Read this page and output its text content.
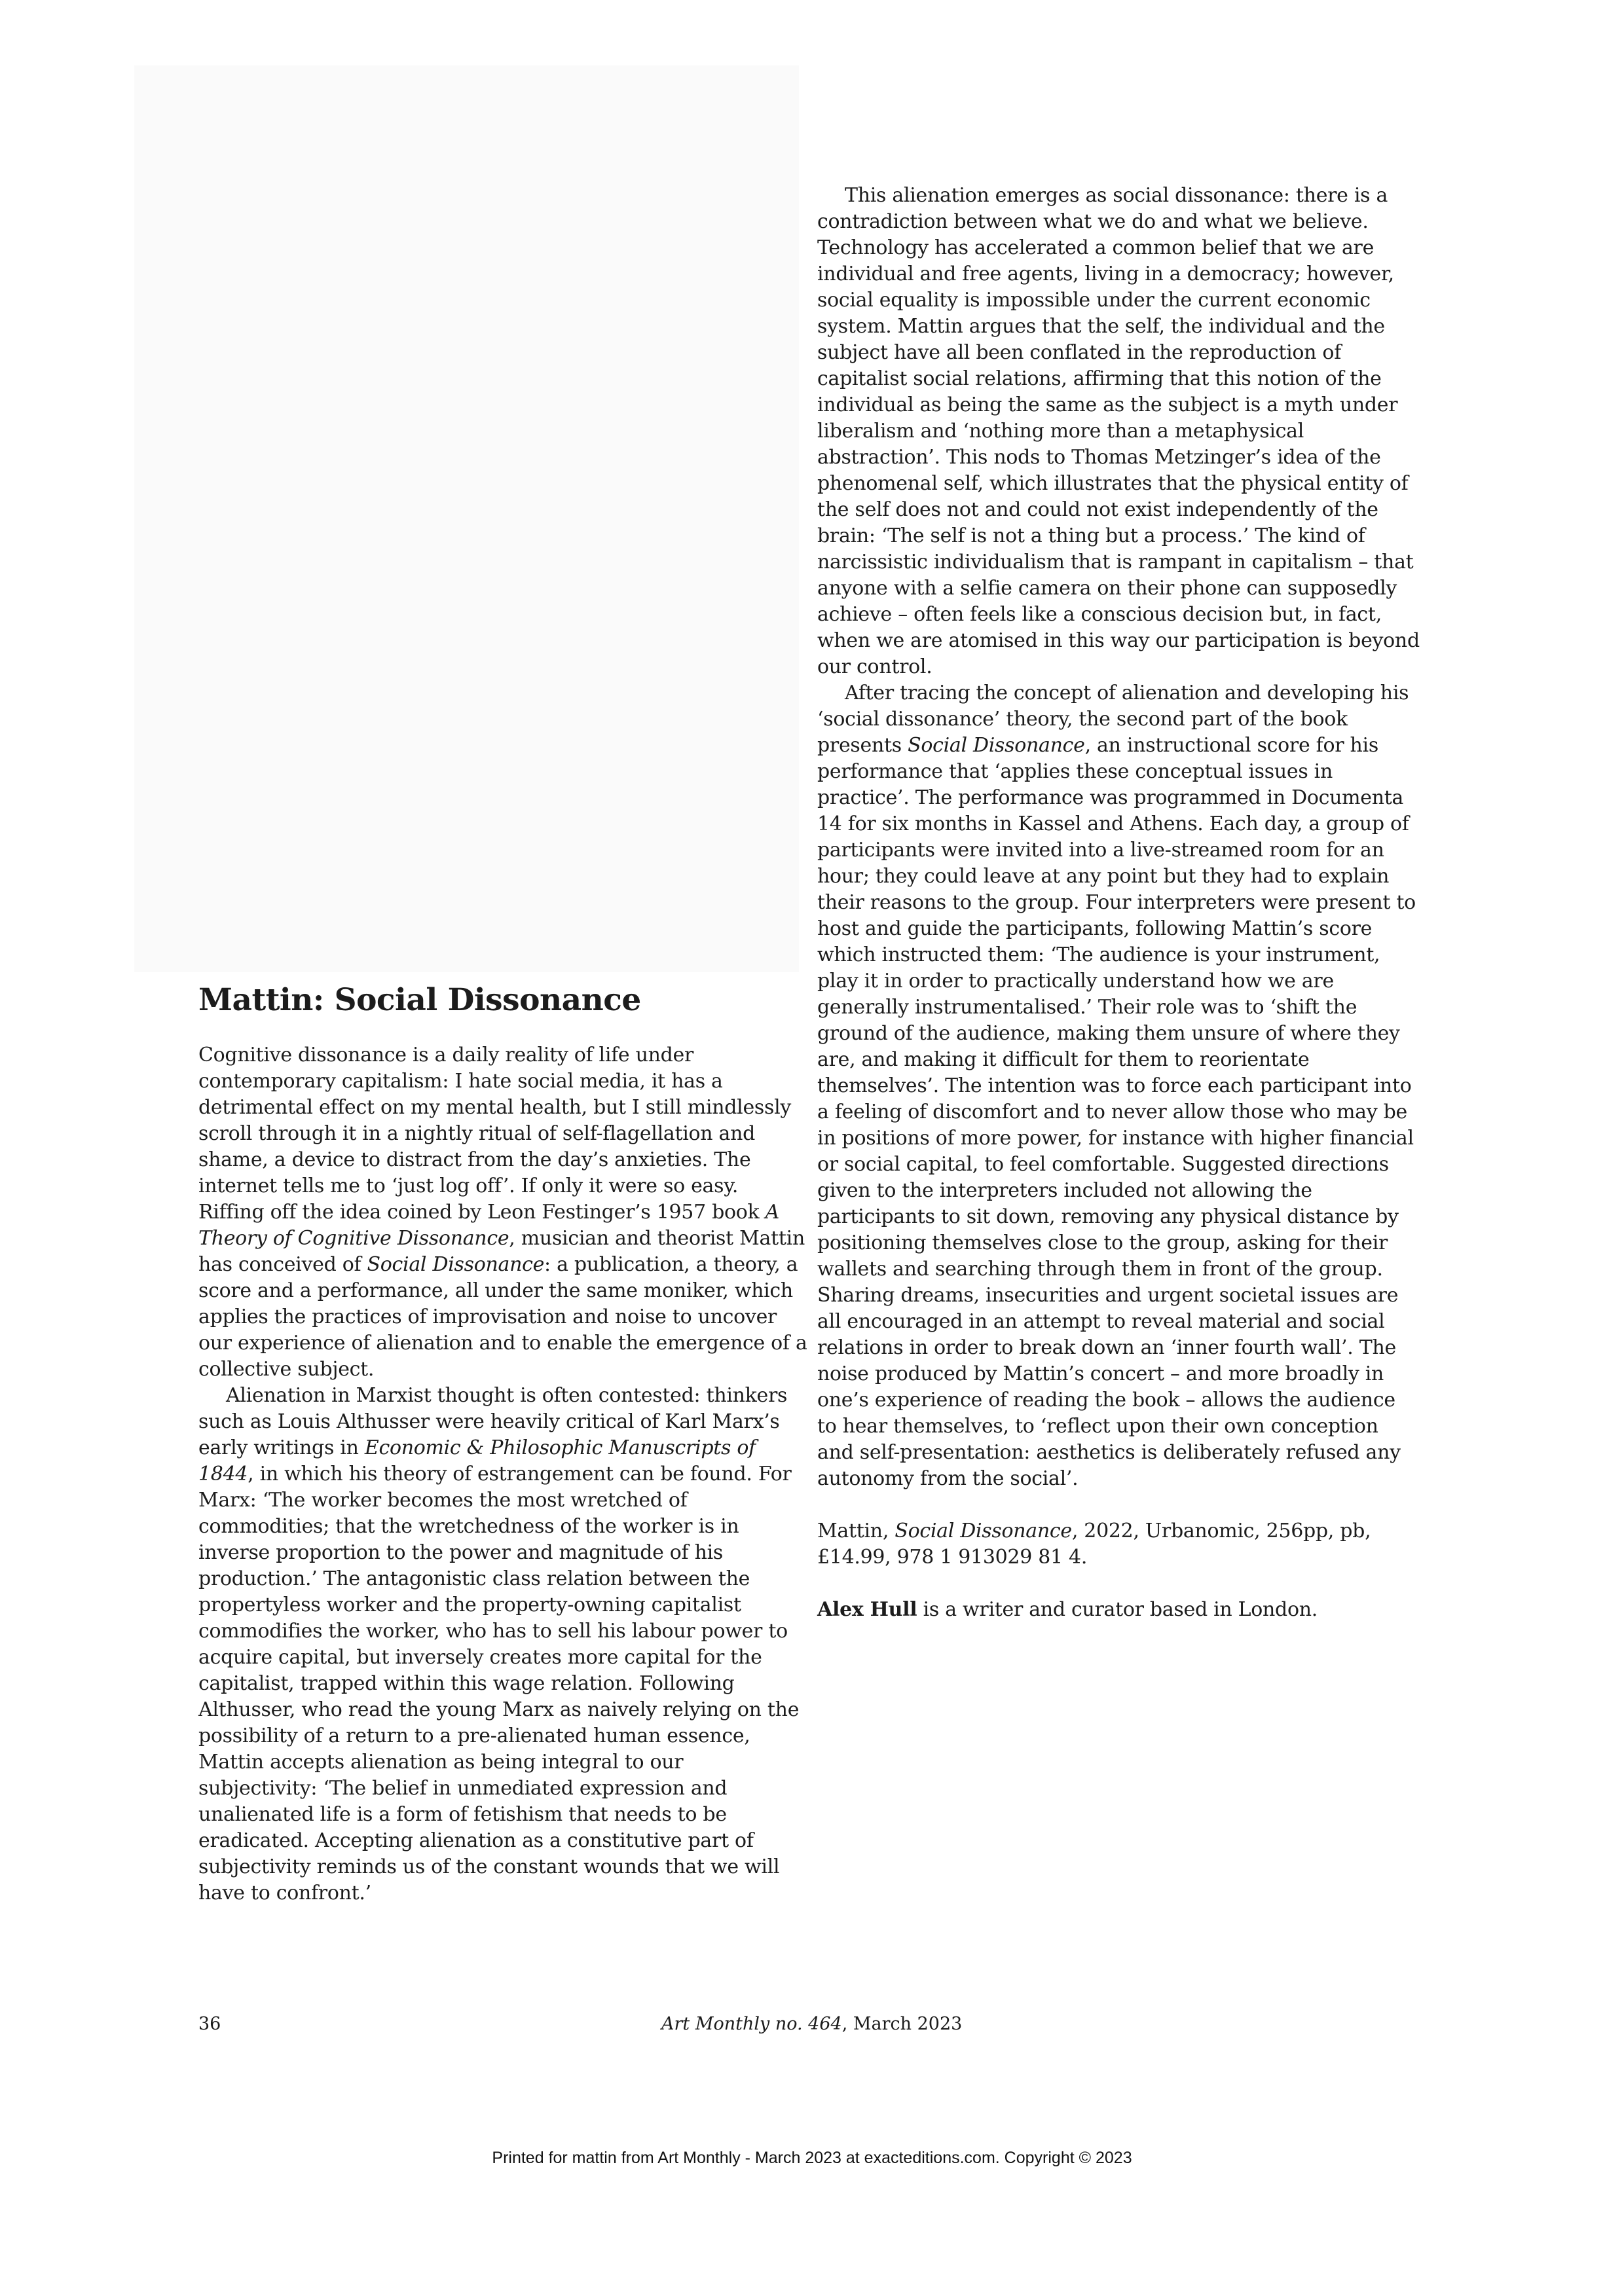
Mattin: Social Dissonance

Cognitive dissonance is a daily reality of life under contemporary capitalism: I hate social media, it has a detrimental effect on my mental health, but I still mindlessly scroll through it in a nightly ritual of self-flagellation and shame, a device to distract from the day’s anxieties. The internet tells me to ‘just log off’. If only it were so easy. Riffing off the idea coined by Leon Festinger’s 1957 book A Theory of Cognitive Dissonance, musician and theorist Mattin has conceived of Social Dissonance: a publication, a theory, a score and a performance, all under the same moniker, which applies the practices of improvisation and noise to uncover our experience of alienation and to enable the emergence of a collective subject.

Alienation in Marxist thought is often contested: thinkers such as Louis Althusser were heavily critical of Karl Marx’s early writings in Economic & Philosophic Manuscripts of 1844, in which his theory of estrangement can be found. For Marx: ‘The worker becomes the most wretched of commodities; that the wretchedness of the worker is in inverse proportion to the power and magnitude of his production.’ The antagonistic class relation between the propertyless worker and the property-owning capitalist commodifies the worker, who has to sell his labour power to acquire capital, but inversely creates more capital for the capitalist, trapped within this wage relation. Following Althusser, who read the young Marx as naively relying on the possibility of a return to a pre-alienated human essence, Mattin accepts alienation as being integral to our subjectivity: ‘The belief in unmediated expression and unalienated life is a form of fetishism that needs to be eradicated. Accepting alienation as a constitutive part of subjectivity reminds us of the constant wounds that we will have to confront.’

This alienation emerges as social dissonance: there is a contradiction between what we do and what we believe. Technology has accelerated a common belief that we are individual and free agents, living in a democracy; however, social equality is impossible under the current economic system. Mattin argues that the self, the individual and the subject have all been conflated in the reproduction of capitalist social relations, affirming that this notion of the individual as being the same as the subject is a myth under liberalism and ‘nothing more than a metaphysical abstraction’. This nods to Thomas Metzinger’s idea of the phenomenal self, which illustrates that the physical entity of the self does not and could not exist independently of the brain: ‘The self is not a thing but a process.’ The kind of narcissistic individualism that is rampant in capitalism – that anyone with a selfie camera on their phone can supposedly achieve – often feels like a conscious decision but, in fact, when we are atomised in this way our participation is beyond our control.

After tracing the concept of alienation and developing his ‘social dissonance’ theory, the second part of the book presents Social Dissonance, an instructional score for his performance that ‘applies these conceptual issues in practice’. The performance was programmed in Documenta 14 for six months in Kassel and Athens. Each day, a group of participants were invited into a live-streamed room for an hour; they could leave at any point but they had to explain their reasons to the group. Four interpreters were present to host and guide the participants, following Mattin’s score which instructed them: ‘The audience is your instrument, play it in order to practically understand how we are generally instrumentalised.’ Their role was to ‘shift the ground of the audience, making them unsure of where they are, and making it difficult for them to reorientate themselves’. The intention was to force each participant into a feeling of discomfort and to never allow those who may be in positions of more power, for instance with higher financial or social capital, to feel comfortable. Suggested directions given to the interpreters included not allowing the participants to sit down, removing any physical distance by positioning themselves close to the group, asking for their wallets and searching through them in front of the group. Sharing dreams, insecurities and urgent societal issues are all encouraged in an attempt to reveal material and social relations in order to break down an ‘inner fourth wall’. The noise produced by Mattin’s concert – and more broadly in one’s experience of reading the book – allows the audience to hear themselves, to ‘reflect upon their own conception and self-presentation: aesthetics is deliberately refused any autonomy from the social’.

Mattin, Social Dissonance, 2022, Urbanomic, 256pp, pb, £14.99, 978 1 913029 81 4.

Alex Hull is a writer and curator based in London.

36	Art Monthly no. 464, March 2023
Printed for mattin from Art Monthly - March 2023 at exacteditions.com. Copyright © 2023
